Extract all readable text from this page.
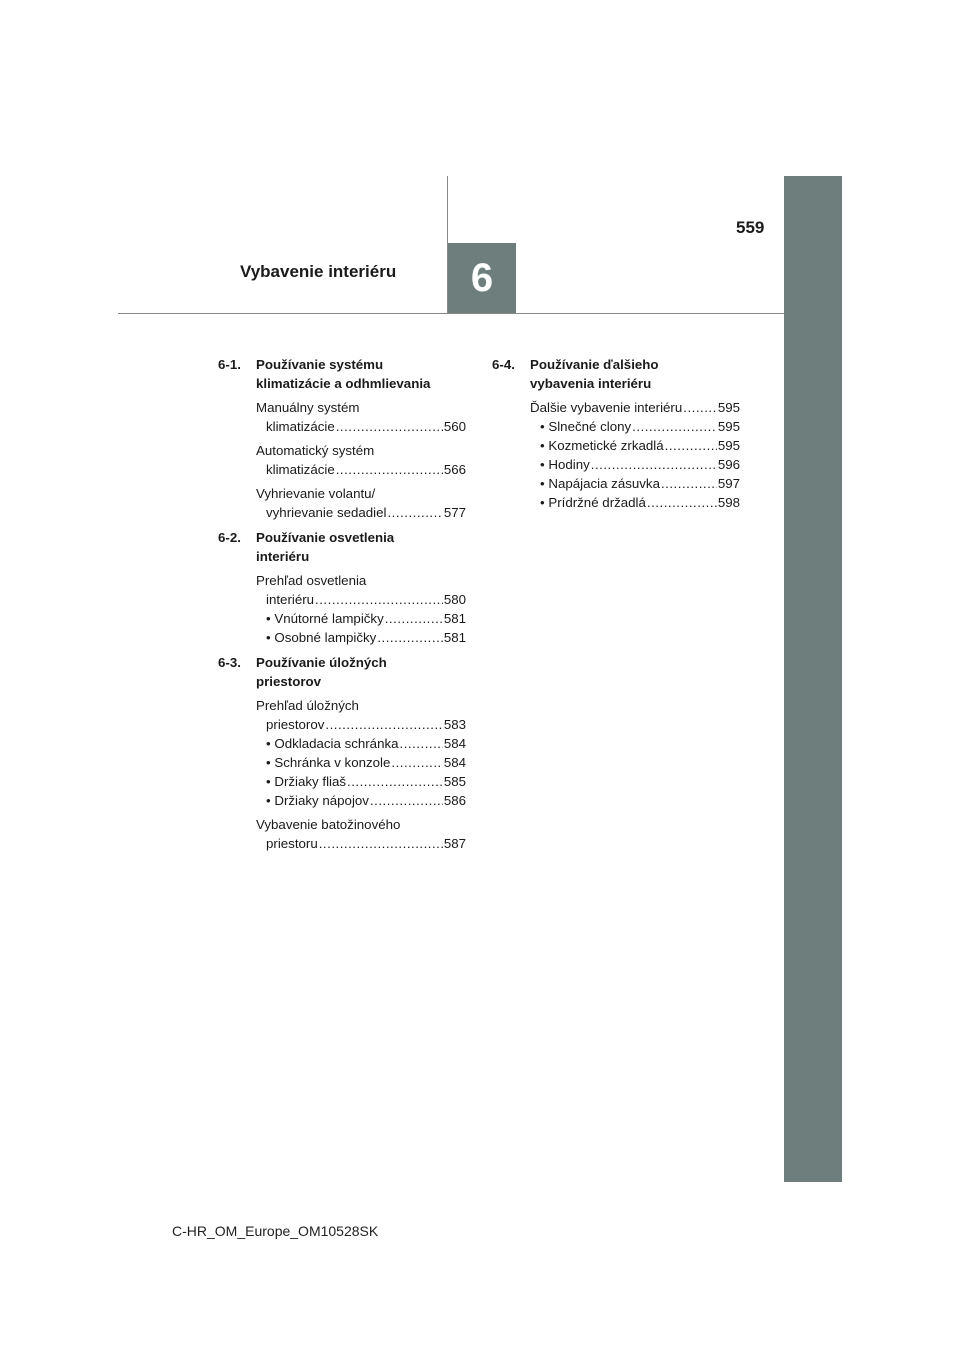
559
Vybavenie interiéru	6
6-1.	Používanie systému
klimatizácie a odhmlievania
Manuálny systém
klimatizácie .....	560
Automatický systém
klimatizácie .....	566
Vyhrievanie volantu/
vyhrievanie sedadiel .....	577
6-2.	Používanie osvetlenia
interiéru
Prehľad osvetlenia
interiéru .....	580
• Vnútorné lampičky .....	581
• Osobné lampičky .....	581
6-3.	Používanie úložných
priestorov
Prehľad úložných
priestorov .....	583
• Odkladacia schránka .....	584
• Schránka v konzole .....	584
• Držiaky fliaš .....	585
• Držiaky nápojov .....	586
Vybavenie batožinového
priestoru .....	587
6-4.	Používanie ďalšieho
vybavenia interiéru
Ďalšie vybavenie interiéru .....	595
• Slnečné clony .....	595
• Kozmetické zrkadlá .....	595
• Hodiny .....	596
• Napájacia zásuvka .....	597
• Prídržné držadlá .....	598
C-HR_OM_Europe_OM10528SK
